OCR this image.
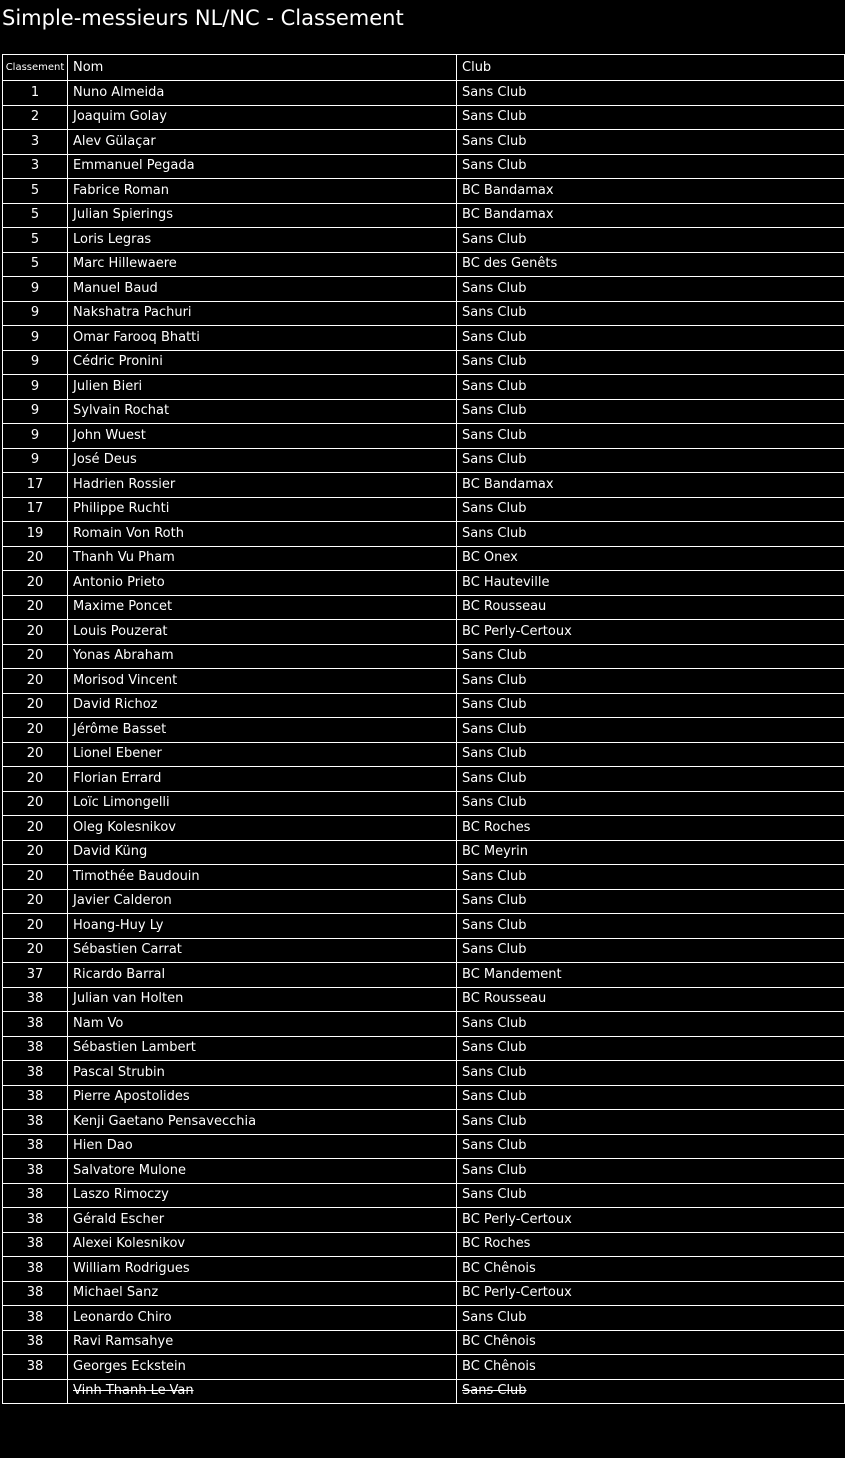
Simple-messieurs NL/NC - Classement
Classement	Nom	Club
1	Nuno Almeida	Sans Club
2	Joaquim Golay	Sans Club
3	Alev Gülaçar	Sans Club
3	Emmanuel Pegada	Sans Club
5	Fabrice Roman	BC Bandamax
5	Julian Spierings	BC Bandamax
5	Loris Legras	Sans Club
5	Marc Hillewaere	BC des Genêts
9	Manuel Baud	Sans Club
9	Nakshatra Pachuri	Sans Club
9	Omar Farooq Bhatti	Sans Club
9	Cédric Pronini	Sans Club
9	Julien Bieri	Sans Club
9	Sylvain Rochat	Sans Club
9	John Wuest	Sans Club
9	José Deus	Sans Club
17	Hadrien Rossier	BC Bandamax
17	Philippe Ruchti	Sans Club
19	Romain Von Roth	Sans Club
20	Thanh Vu Pham	BC Onex
20	Antonio Prieto	BC Hauteville
20	Maxime Poncet	BC Rousseau
20	Louis Pouzerat	BC Perly-Certoux
20	Yonas Abraham	Sans Club
20	Morisod Vincent	Sans Club
20	David Richoz	Sans Club
20	Jérôme Basset	Sans Club
20	Lionel Ebener	Sans Club
20	Florian Errard	Sans Club
20	Loïc Limongelli	Sans Club
20	Oleg Kolesnikov	BC Roches
20	David Küng	BC Meyrin
20	Timothée Baudouin	Sans Club
20	Javier Calderon	Sans Club
20	Hoang-Huy Ly	Sans Club
20	Sébastien Carrat	Sans Club
37	Ricardo Barral	BC Mandement
38	Julian van Holten	BC Rousseau
38	Nam Vo	Sans Club
38	Sébastien Lambert	Sans Club
38	Pascal Strubin	Sans Club
38	Pierre Apostolides	Sans Club
38	Kenji Gaetano Pensavecchia	Sans Club
38	Hien Dao	Sans Club
38	Salvatore Mulone	Sans Club
38	Laszo Rimoczy	Sans Club
38	Gérald Escher	BC Perly-Certoux
38	Alexei Kolesnikov	BC Roches
38	William Rodrigues	BC Chênois
38	Michael Sanz	BC Perly-Certoux
38	Leonardo Chiro	Sans Club
38	Ravi Ramsahye	BC Chênois
38	Georges Eckstein	BC Chênois
	Vinh Thanh Le-Van	Sans Club
